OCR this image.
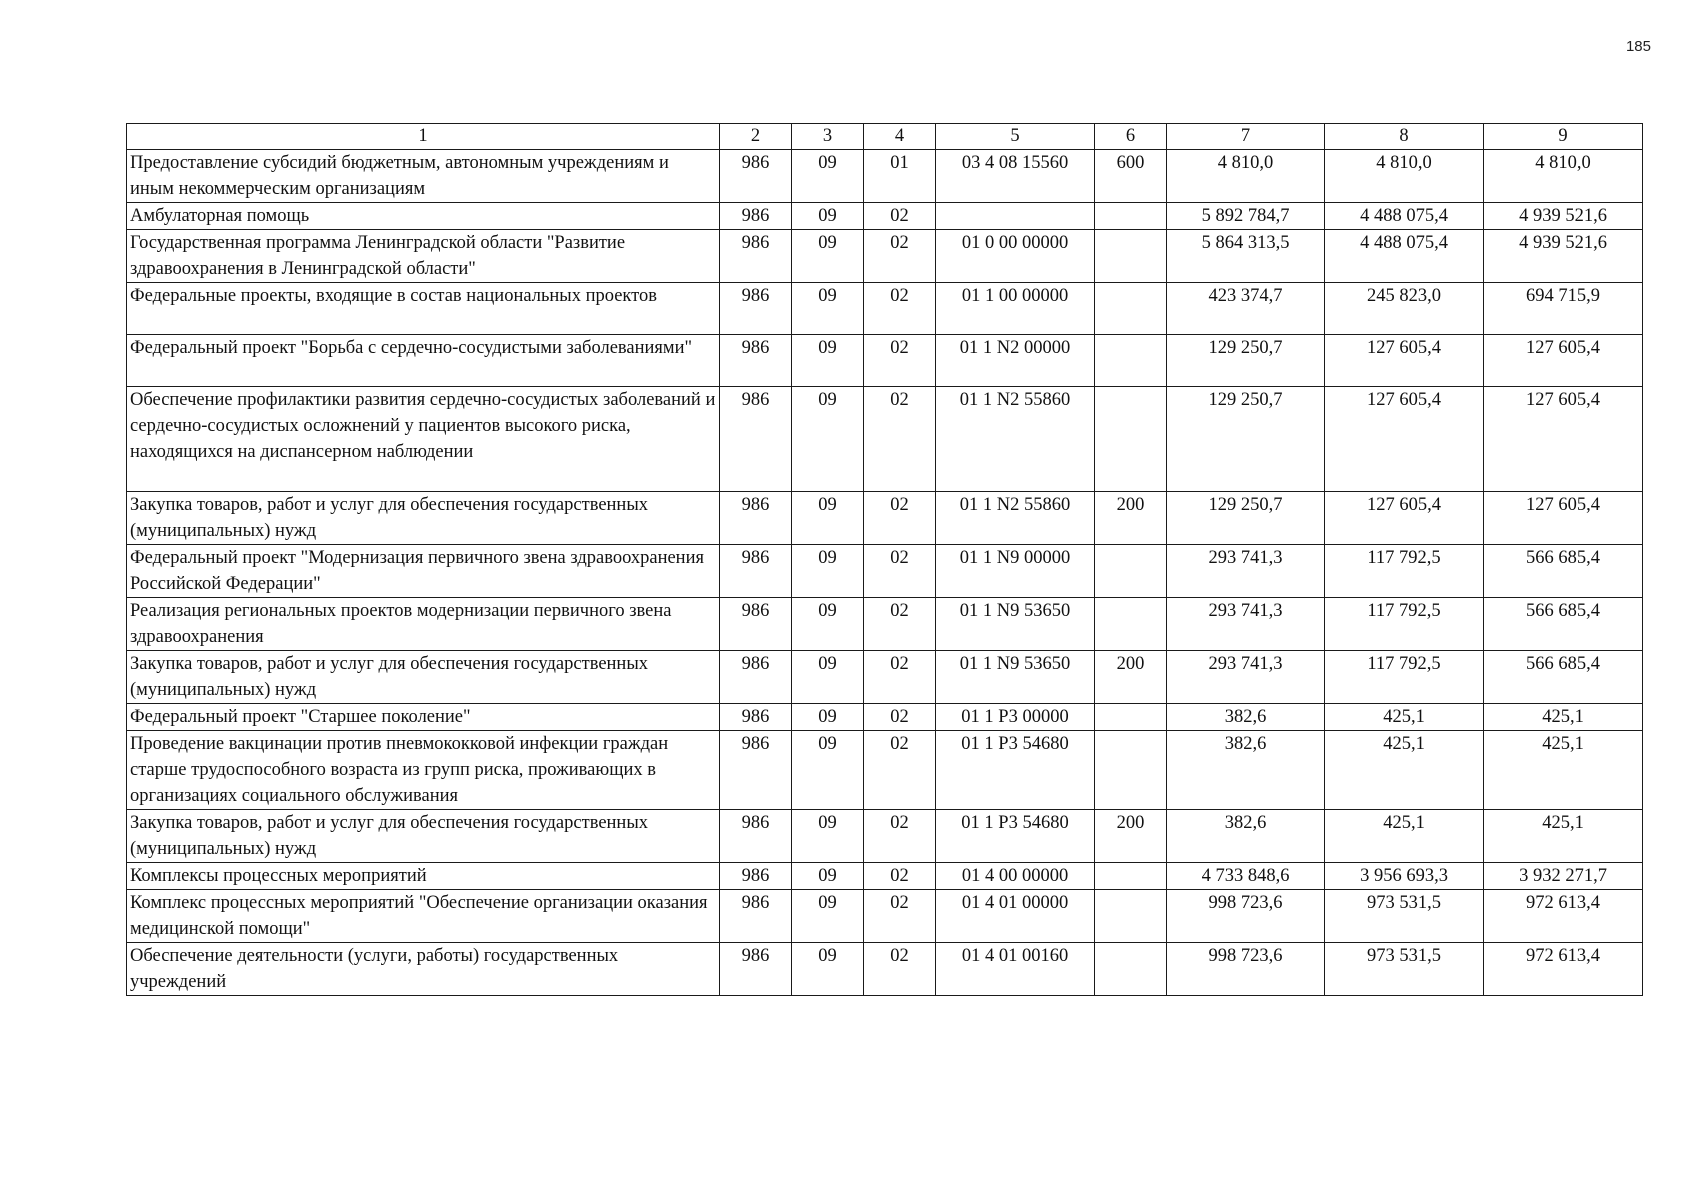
185
1	2	3	4	5	6	7	8	9
Предоставление субсидий бюджетным, автономным учреждениям и иным некоммерческим организациям	986	09	01	03 4 08 15560	600	4 810,0	4 810,0	4 810,0
Амбулаторная помощь	986	09	02			5 892 784,7	4 488 075,4	4 939 521,6
Государственная программа Ленинградской области "Развитие здравоохранения в Ленинградской области"	986	09	02	01 0 00 00000		5 864 313,5	4 488 075,4	4 939 521,6
Федеральные проекты, входящие в состав национальных проектов	986	09	02	01 1 00 00000		423 374,7	245 823,0	694 715,9
Федеральный проект "Борьба с сердечно-сосудистыми заболеваниями"	986	09	02	01 1 N2 00000		129 250,7	127 605,4	127 605,4
Обеспечение профилактики развития сердечно-сосудистых заболеваний и сердечно-сосудистых осложнений у пациентов высокого риска, находящихся на диспансерном наблюдении	986	09	02	01 1 N2 55860		129 250,7	127 605,4	127 605,4
Закупка товаров, работ и услуг для обеспечения государственных (муниципальных) нужд	986	09	02	01 1 N2 55860	200	129 250,7	127 605,4	127 605,4
Федеральный проект "Модернизация первичного звена здравоохранения Российской Федерации"	986	09	02	01 1 N9 00000		293 741,3	117 792,5	566 685,4
Реализация региональных проектов модернизации первичного звена здравоохранения	986	09	02	01 1 N9 53650		293 741,3	117 792,5	566 685,4
Закупка товаров, работ и услуг для обеспечения государственных (муниципальных) нужд	986	09	02	01 1 N9 53650	200	293 741,3	117 792,5	566 685,4
Федеральный проект "Старшее поколение"	986	09	02	01 1 P3 00000		382,6	425,1	425,1
Проведение вакцинации против пневмококковой инфекции граждан старше трудоспособного возраста из групп риска, проживающих в организациях социального обслуживания	986	09	02	01 1 P3 54680		382,6	425,1	425,1
Закупка товаров, работ и услуг для обеспечения государственных (муниципальных) нужд	986	09	02	01 1 P3 54680	200	382,6	425,1	425,1
Комплексы процессных мероприятий	986	09	02	01 4 00 00000		4 733 848,6	3 956 693,3	3 932 271,7
Комплекс процессных мероприятий "Обеспечение организации оказания медицинской помощи"	986	09	02	01 4 01 00000		998 723,6	973 531,5	972 613,4
Обеспечение деятельности (услуги, работы) государственных учреждений	986	09	02	01 4 01 00160		998 723,6	973 531,5	972 613,4
